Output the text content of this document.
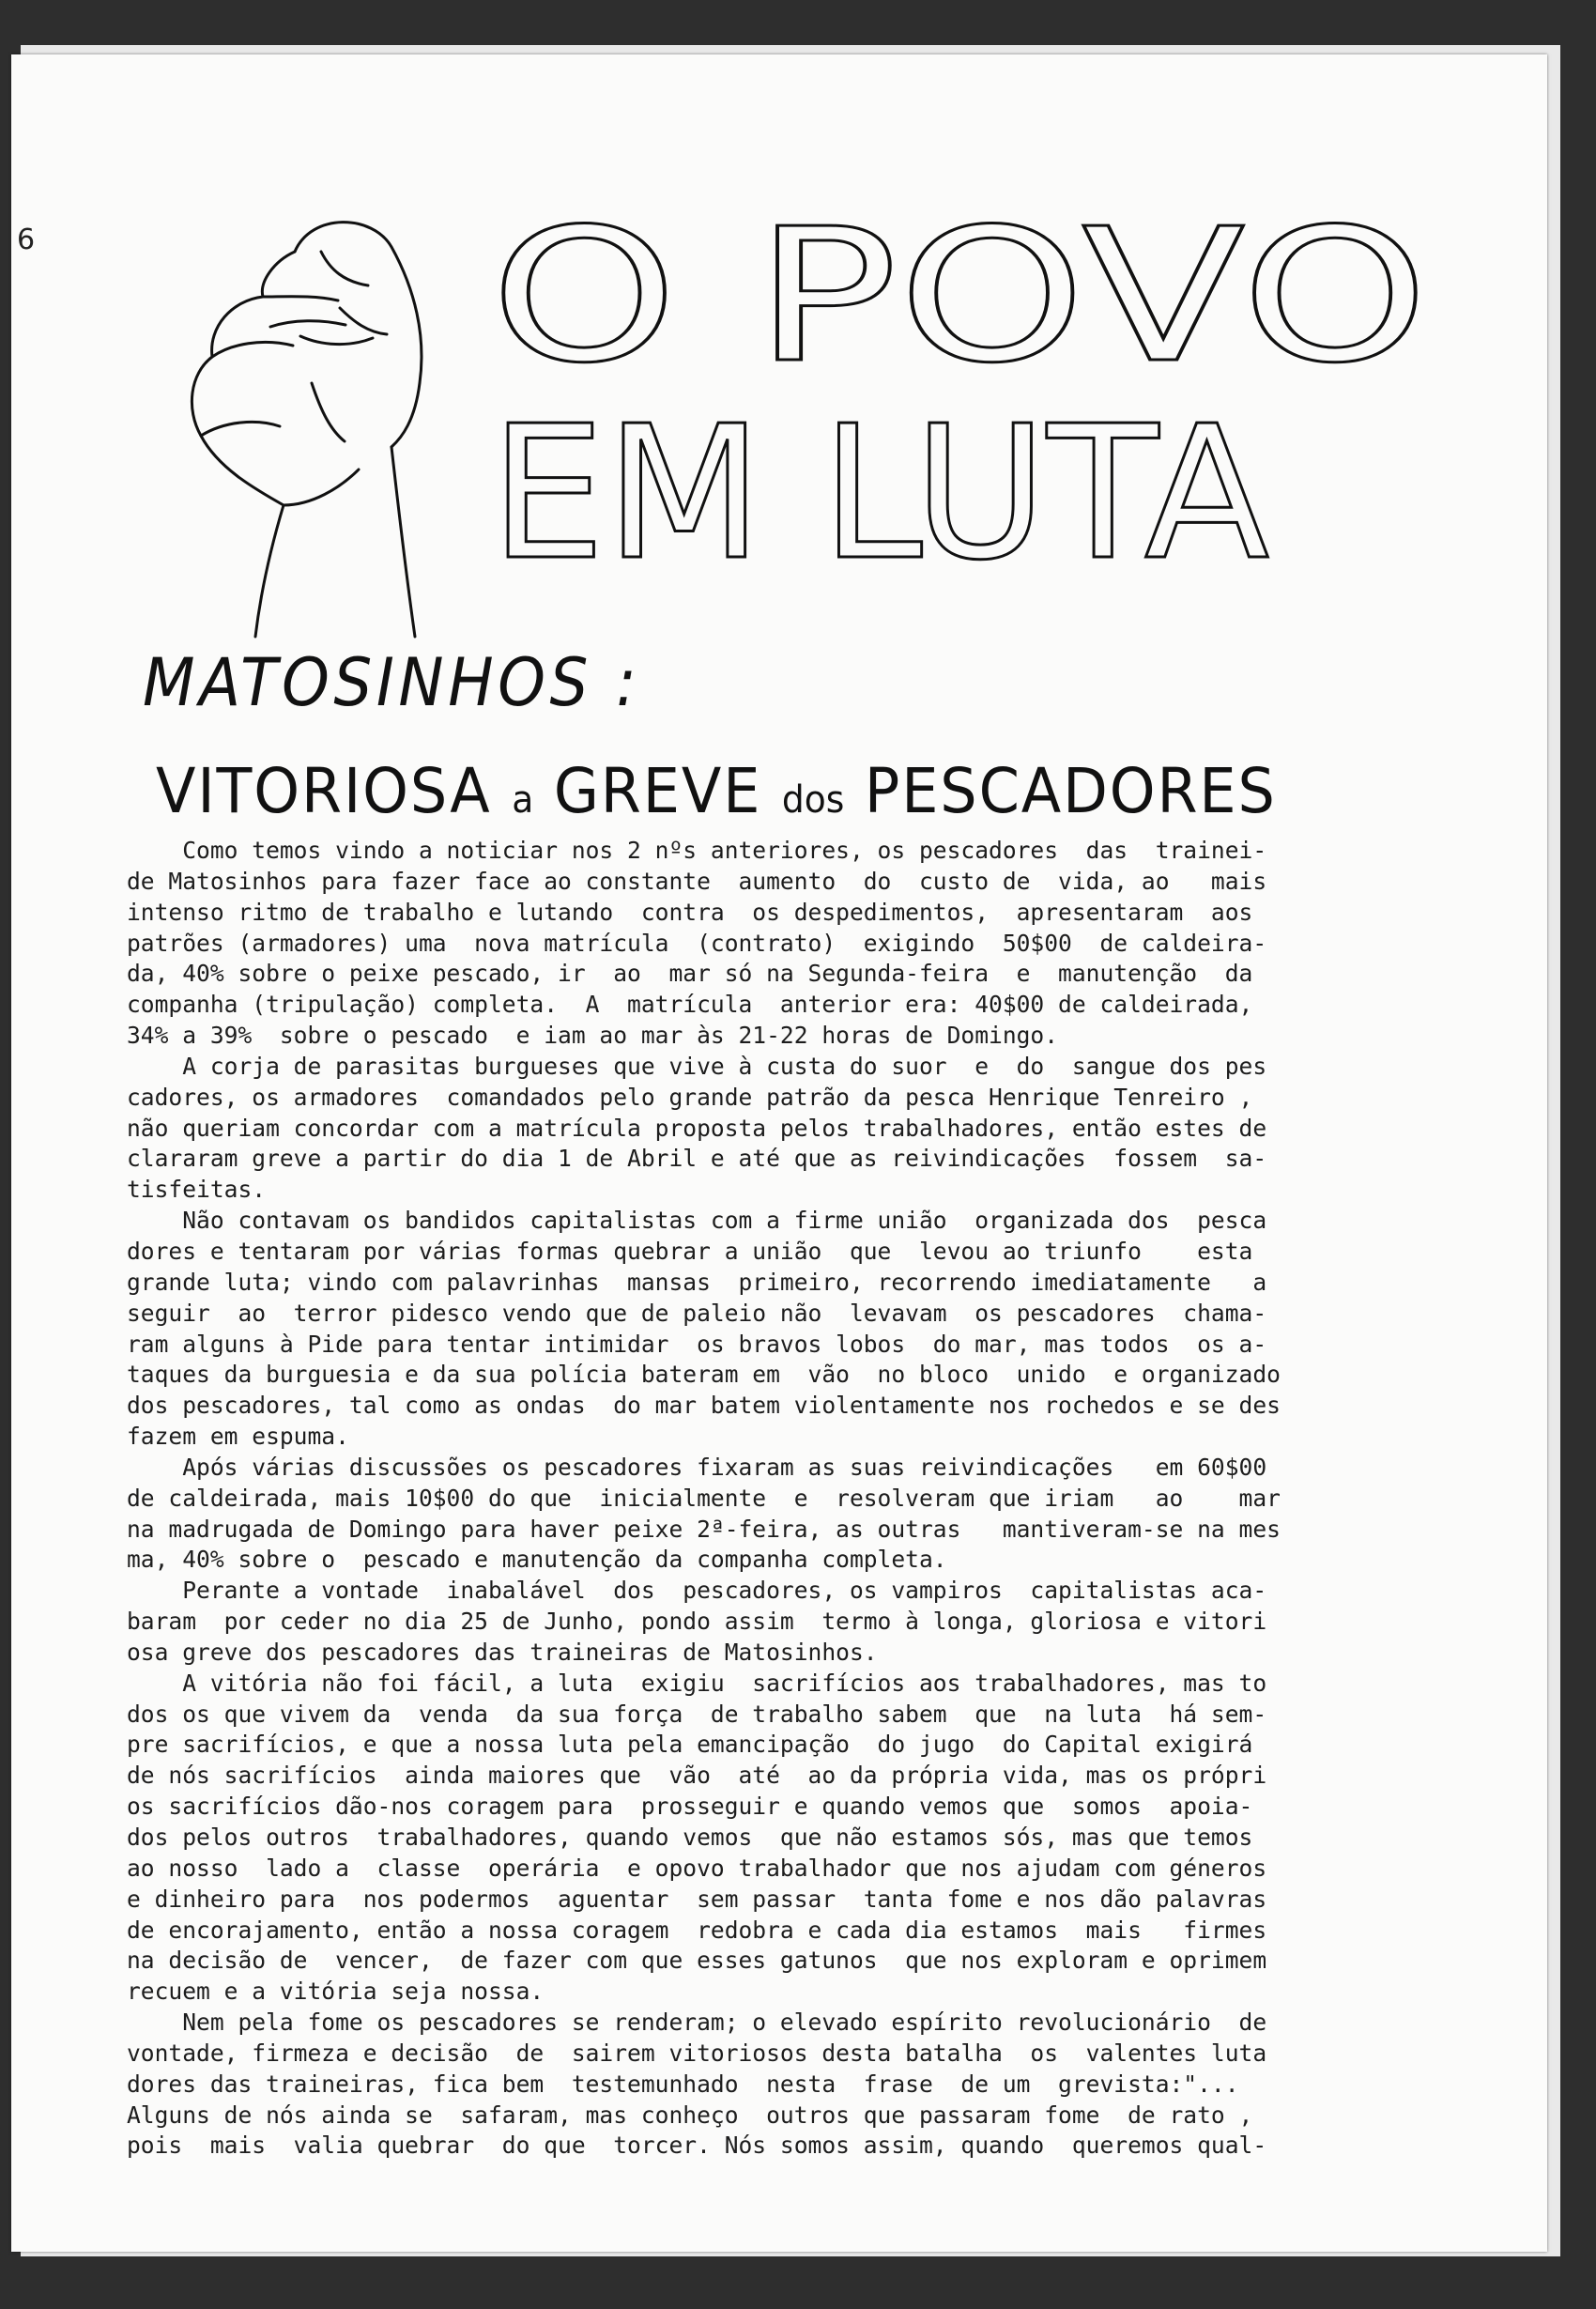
6 O POVO
EM LUTA
MATOSINHOS :
VITORIOSA a GREVE dos PESCADORES
Como temos vindo a noticiar nos 2 nºs anteriores, os pescadores  das  trainei-
de Matosinhos para fazer face ao constante  aumento  do  custo de  vida, ao   mais
intenso ritmo de trabalho e lutando  contra  os despedimentos,  apresentaram  aos
patrões (armadores) uma  nova matrícula  (contrato)  exigindo  50$00  de caldeira-
da, 40% sobre o peixe pescado, ir  ao  mar só na Segunda-feira  e  manutenção  da
companha (tripulação) completa.  A  matrícula  anterior era: 40$00 de caldeirada,
34% a 39%  sobre o pescado  e iam ao mar às 21-22 horas de Domingo.
A corja de parasitas burgueses que vive à custa do suor  e  do  sangue dos pes
cadores, os armadores  comandados pelo grande patrão da pesca Henrique Tenreiro ,
não queriam concordar com a matrícula proposta pelos trabalhadores, então estes de
clararam greve a partir do dia 1 de Abril e até que as reivindicações  fossem  sa-
tisfeitas.
Não contavam os bandidos capitalistas com a firme união  organizada dos  pesca
dores e tentaram por várias formas quebrar a união  que  levou ao triunfo    esta
grande luta; vindo com palavrinhas  mansas  primeiro, recorrendo imediatamente   a
seguir  ao  terror pidesco vendo que de paleio não  levavam  os pescadores  chama-
ram alguns à Pide para tentar intimidar  os bravos lobos  do mar, mas todos  os a-
taques da burguesia e da sua polícia bateram em  vão  no bloco  unido  e organizado
dos pescadores, tal como as ondas  do mar batem violentamente nos rochedos e se des
fazem em espuma.
Após várias discussões os pescadores fixaram as suas reivindicações   em 60$00
de caldeirada, mais 10$00 do que  inicialmente  e  resolveram que iriam   ao    mar
na madrugada de Domingo para haver peixe 2ª-feira, as outras   mantiveram-se na mes
ma, 40% sobre o  pescado e manutenção da companha completa.
Perante a vontade  inabalável  dos  pescadores, os vampiros  capitalistas aca-
baram  por ceder no dia 25 de Junho, pondo assim  termo à longa, gloriosa e vitori
osa greve dos pescadores das traineiras de Matosinhos.
A vitória não foi fácil, a luta  exigiu  sacrifícios aos trabalhadores, mas to
dos os que vivem da  venda  da sua força  de trabalho sabem  que  na luta  há sem-
pre sacrifícios, e que a nossa luta pela emancipação  do jugo  do Capital exigirá
de nós sacrifícios  ainda maiores que  vão  até  ao da própria vida, mas os própri
os sacrifícios dão-nos coragem para  prosseguir e quando vemos que  somos  apoia-
dos pelos outros  trabalhadores, quando vemos  que não estamos sós, mas que temos
ao nosso  lado a  classe  operária  e opovo trabalhador que nos ajudam com géneros
e dinheiro para  nos podermos  aguentar  sem passar  tanta fome e nos dão palavras
de encorajamento, então a nossa coragem  redobra e cada dia estamos  mais   firmes
na decisão de  vencer,  de fazer com que esses gatunos  que nos exploram e oprimem
recuem e a vitória seja nossa.
Nem pela fome os pescadores se renderam; o elevado espírito revolucionário  de
vontade, firmeza e decisão  de  sairem vitoriosos desta batalha  os  valentes luta
dores das traineiras, fica bem  testemunhado  nesta  frase  de um  grevista:"...
Alguns de nós ainda se  safaram, mas conheço  outros que passaram fome  de rato ,
pois  mais  valia quebrar  do que  torcer. Nós somos assim, quando  queremos qual-
